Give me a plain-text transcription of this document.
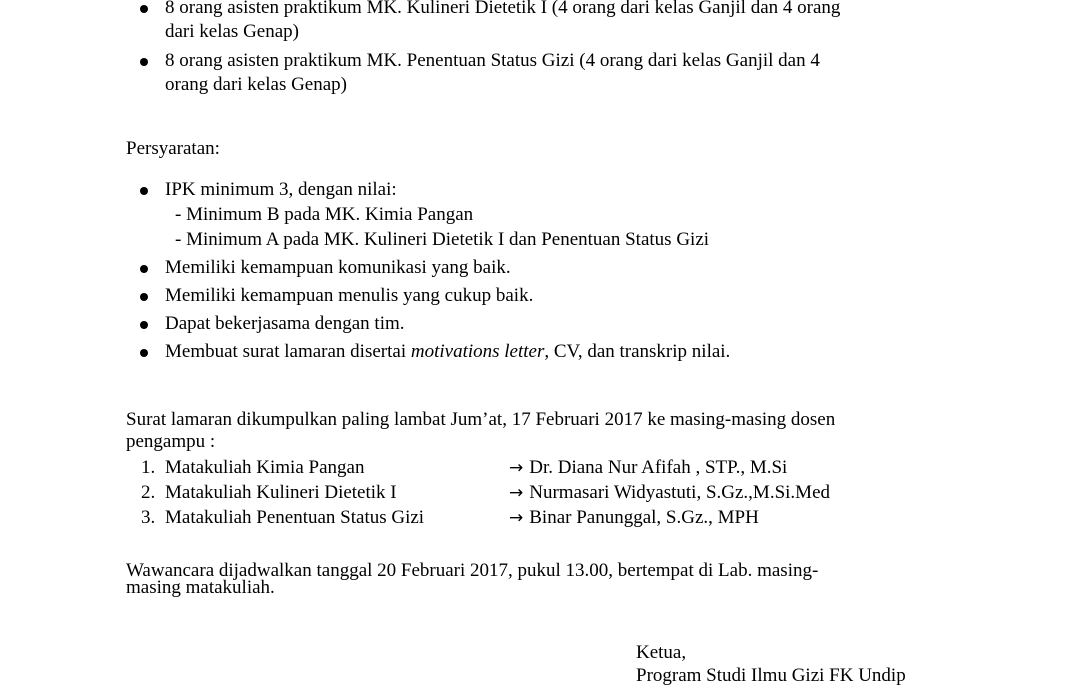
8 orang asisten praktikum MK. Kulineri Dietetik I (4 orang dari kelas Ganjil dan 4 orang
dari kelas Genap)
8 orang asisten praktikum MK. Penentuan Status Gizi (4 orang dari kelas Ganjil dan 4
orang dari kelas Genap)
Persyaratan:
IPK minimum 3, dengan nilai:
- Minimum B pada MK. Kimia Pangan
- Minimum A pada MK. Kulineri Dietetik I dan Penentuan Status Gizi
Memiliki kemampuan komunikasi yang baik.
Memiliki kemampuan menulis yang cukup baik.
Dapat bekerjasama dengan tim.
Membuat surat lamaran disertai motivations letter, CV, dan transkrip nilai.
Surat lamaran dikumpulkan paling lambat Jum’at, 17 Februari 2017 ke masing-masing dosen
pengampu :
1. Matakuliah Kimia Pangan	→ Dr. Diana Nur Afifah , STP., M.Si
2. Matakuliah Kulineri Dietetik I	→ Nurmasari Widyastuti, S.Gz.,M.Si.Med
3. Matakuliah Penentuan Status Gizi	→ Binar Panunggal, S.Gz., MPH
Wawancara dijadwalkan tanggal 20 Februari 2017, pukul 13.00, bertempat di Lab. masing-
masing matakuliah.
Ketua,
Program Studi Ilmu Gizi FK Undip
